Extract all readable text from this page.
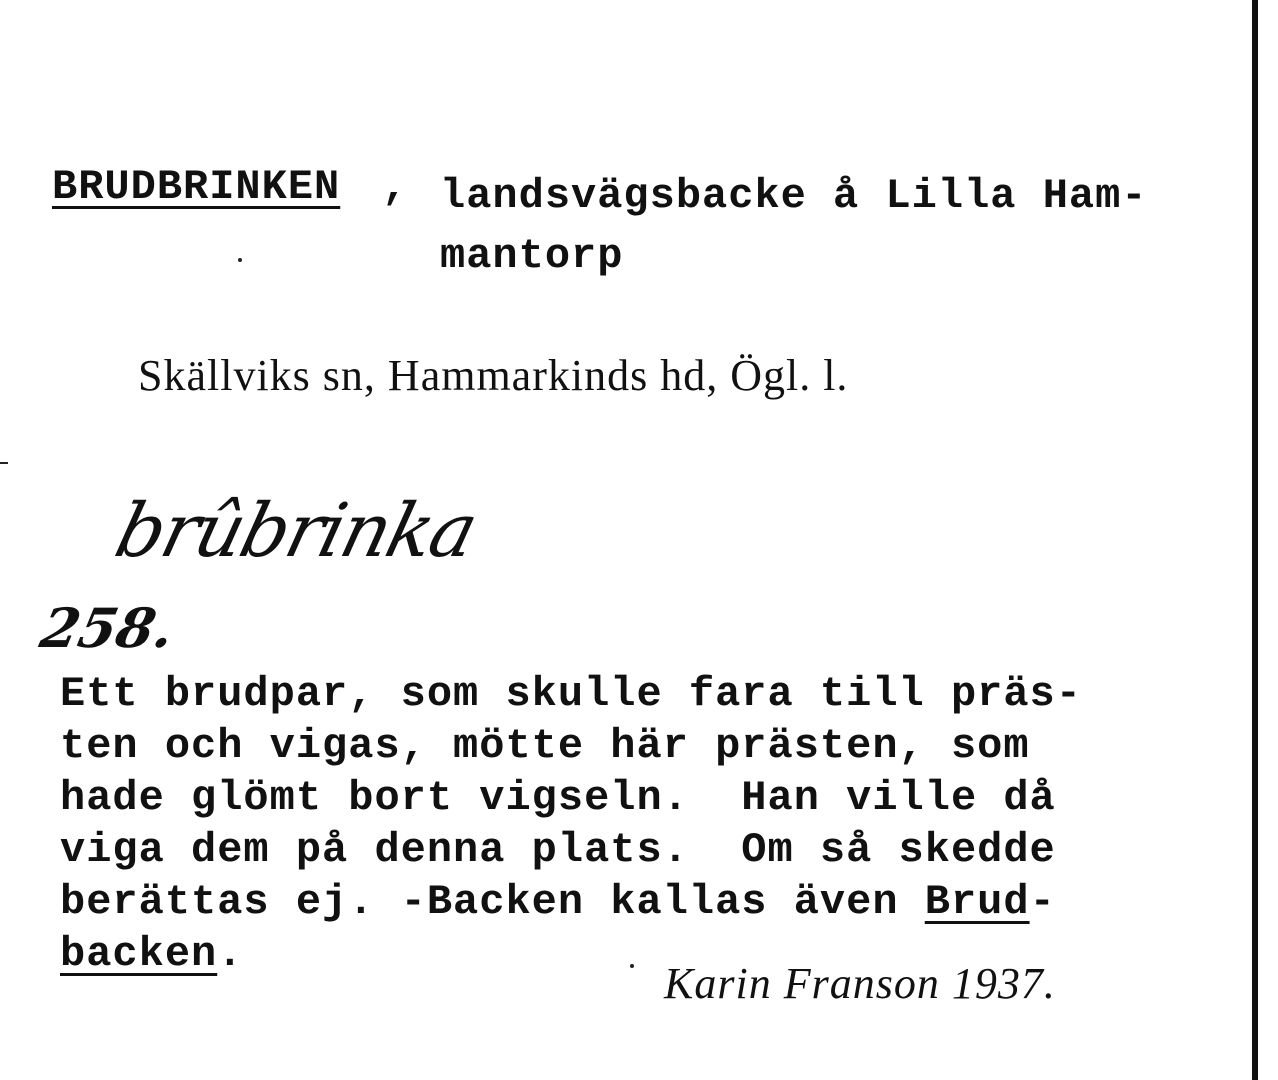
BRUDBRINKEN , landsvägsbacke å Lilla Ham-
mantorp

Skällviks sn, Hammarkinds hd, Ögl. l.

brûbrinka

258.

Ett brudpar, som skulle fara till präs-
ten och vigas, mötte här prästen, som
hade glömt bort vigseln.  Han ville då
viga dem på denna plats.  Om så skedde
berättas ej. -Backen kallas även Brud-
backen.

Karin Franson 1937.
